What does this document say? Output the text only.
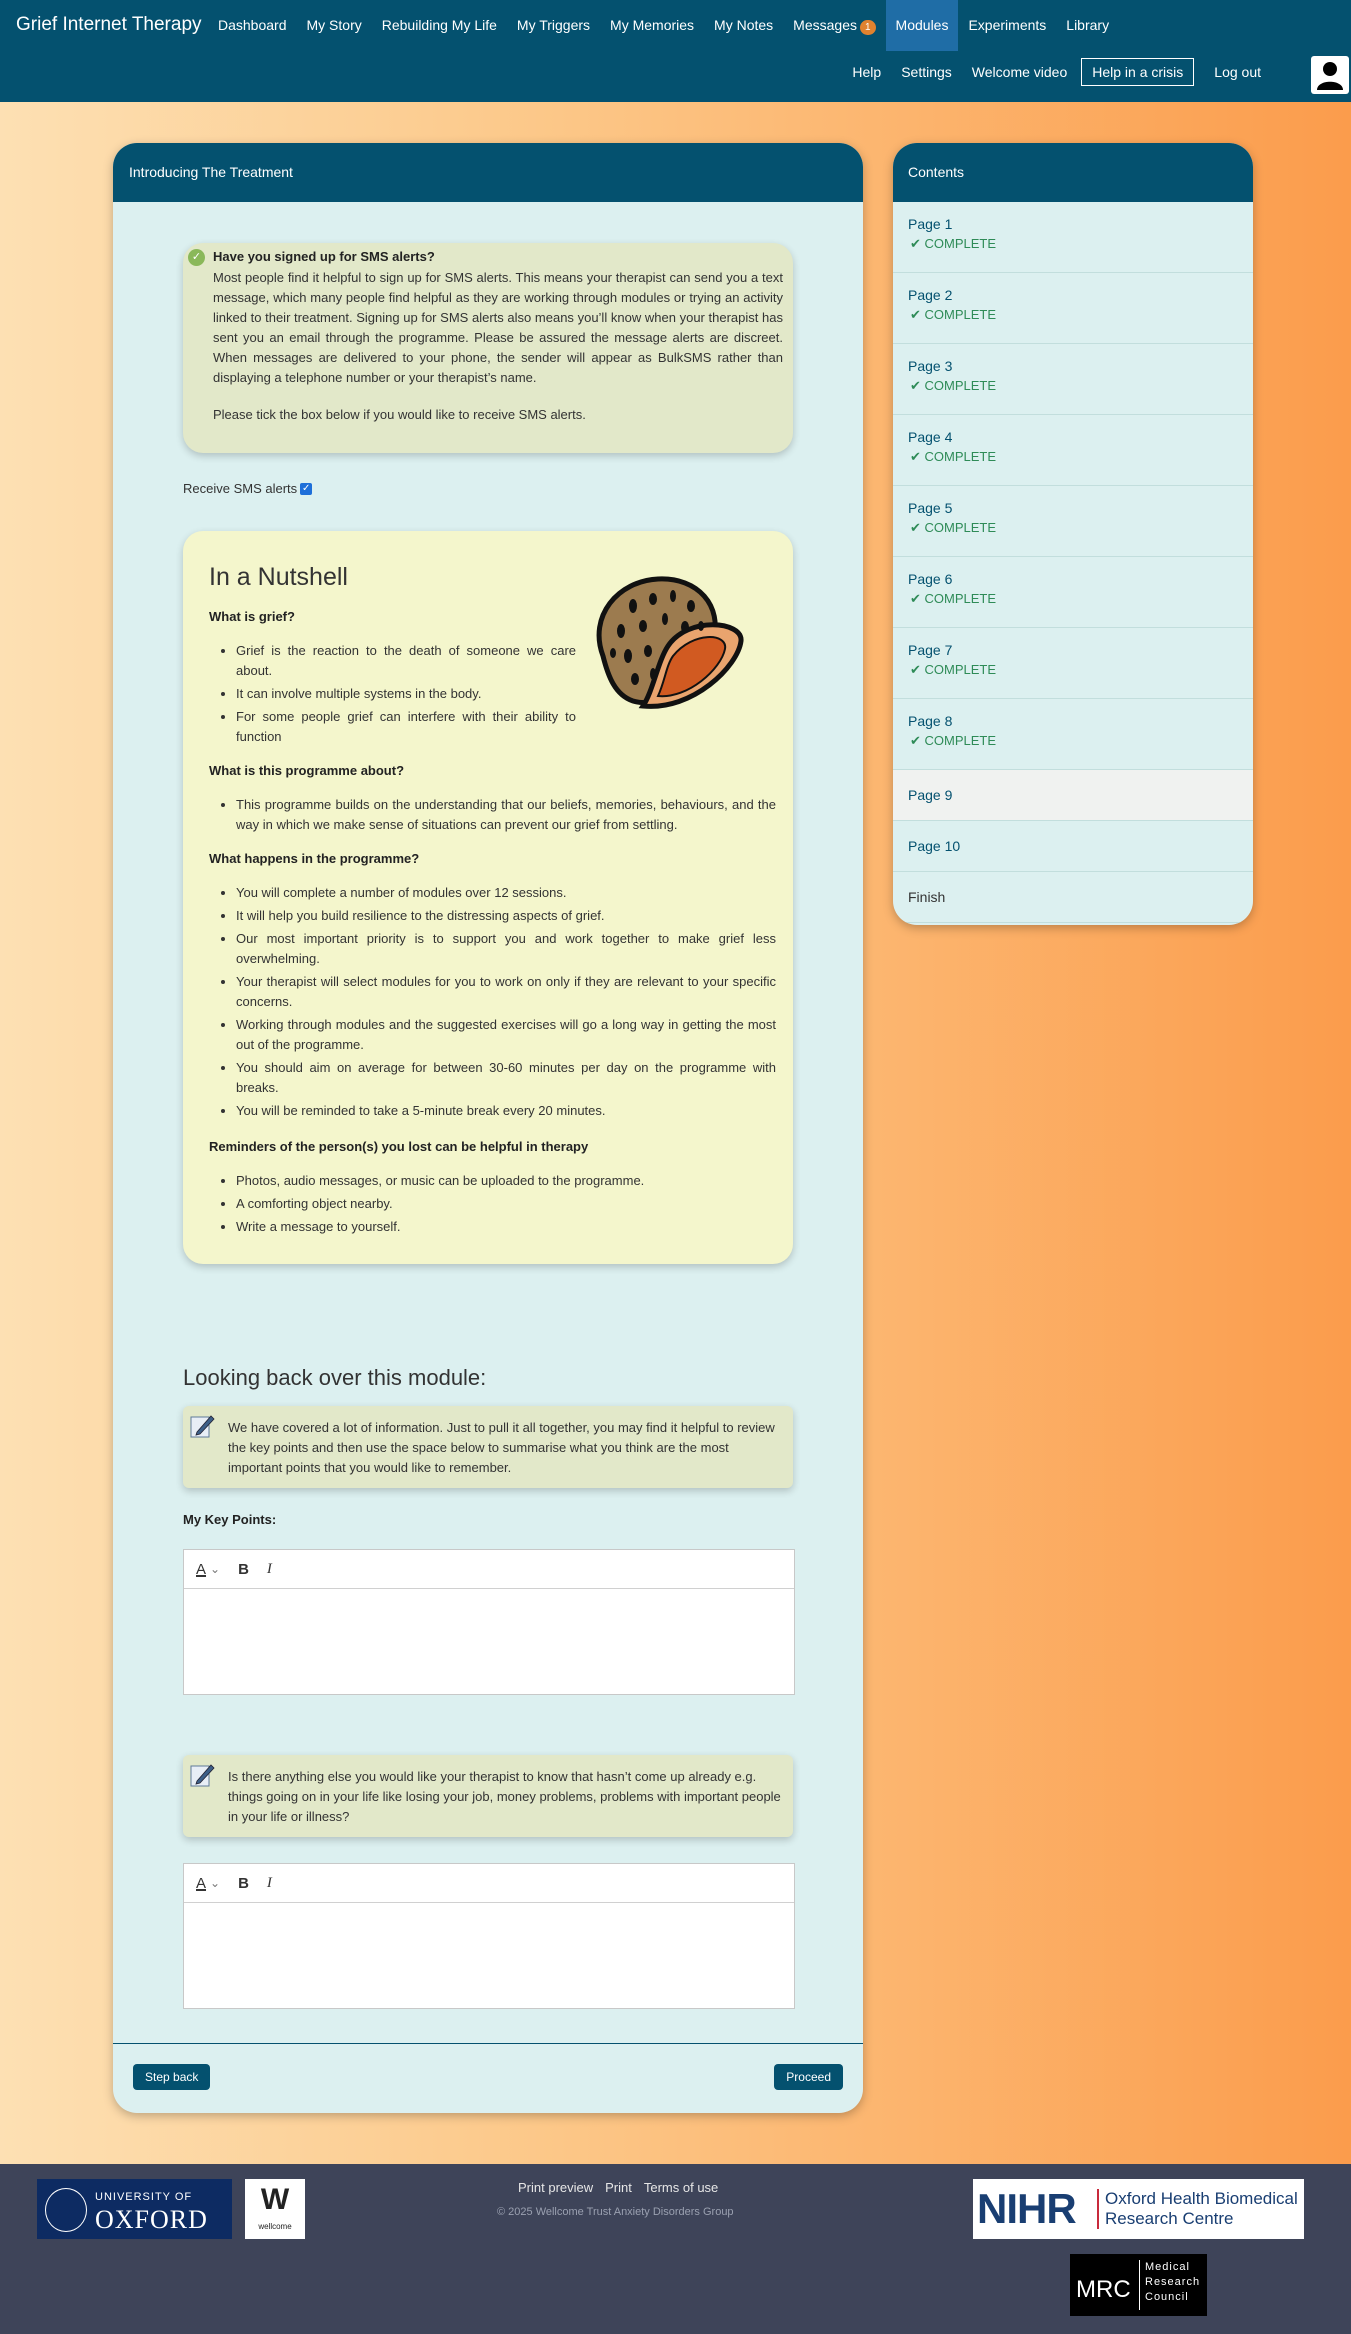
Grief Internet Therapy	Dashboard	My Story	Rebuilding My Life	My Triggers	My Memories	My Notes	Messages 1	Modules	Experiments	Library
Help Settings Welcome video	Help in a crisis	Log out
Introducing The Treatment
✓ Have you signed up for SMS alerts?
Most people find it helpful to sign up for SMS alerts. This means your therapist can send you a text message, which many people find helpful as they are working through modules or trying an activity linked to their treatment. Signing up for SMS alerts also means you’ll know when your therapist has sent you an email through the programme. Please be assured the message alerts are discreet. When messages are delivered to your phone, the sender will appear as BulkSMS rather than displaying a telephone number or your therapist’s name.
Please tick the box below if you would like to receive SMS alerts.
Receive SMS alerts ✓
In a Nutshell
What is grief?
• Grief is the reaction to the death of someone we care about.
• It can involve multiple systems in the body.
• For some people grief can interfere with their ability to function
What is this programme about?
• This programme builds on the understanding that our beliefs, memories, behaviours, and the way in which we make sense of situations can prevent our grief from settling.
What happens in the programme?
• You will complete a number of modules over 12 sessions.
• It will help you build resilience to the distressing aspects of grief.
• Our most important priority is to support you and work together to make grief less overwhelming.
• Your therapist will select modules for you to work on only if they are relevant to your specific concerns.
• Working through modules and the suggested exercises will go a long way in getting the most out of the programme.
• You should aim on average for between 30-60 minutes per day on the programme with breaks.
• You will be reminded to take a 5-minute break every 20 minutes.
Reminders of the person(s) you lost can be helpful in therapy
• Photos, audio messages, or music can be uploaded to the programme.
• A comforting object nearby.
• Write a message to yourself.
Looking back over this module:
We have covered a lot of information. Just to pull it all together, you may find it helpful to review the key points and then use the space below to summarise what you think are the most important points that you would like to remember.
My Key Points:
A ⌄ B I
Is there anything else you would like your therapist to know that hasn’t come up already e.g. things going on in your life like losing your job, money problems, problems with important people in your life or illness?
A ⌄ B I
Step back	Proceed
Contents
Page 1
✔ COMPLETE
Page 2
✔ COMPLETE
Page 3
✔ COMPLETE
Page 4
✔ COMPLETE
Page 5
✔ COMPLETE
Page 6
✔ COMPLETE
Page 7
✔ COMPLETE
Page 8
✔ COMPLETE
Page 9
Page 10
Finish
UNIVERSITY OF
OXFORD
W
wellcome
Print preview Print Terms of use
© 2025 Wellcome Trust Anxiety Disorders Group	NIHR Oxford Health Biomedical
Research Centre
MRC
Medical
Research
Council
